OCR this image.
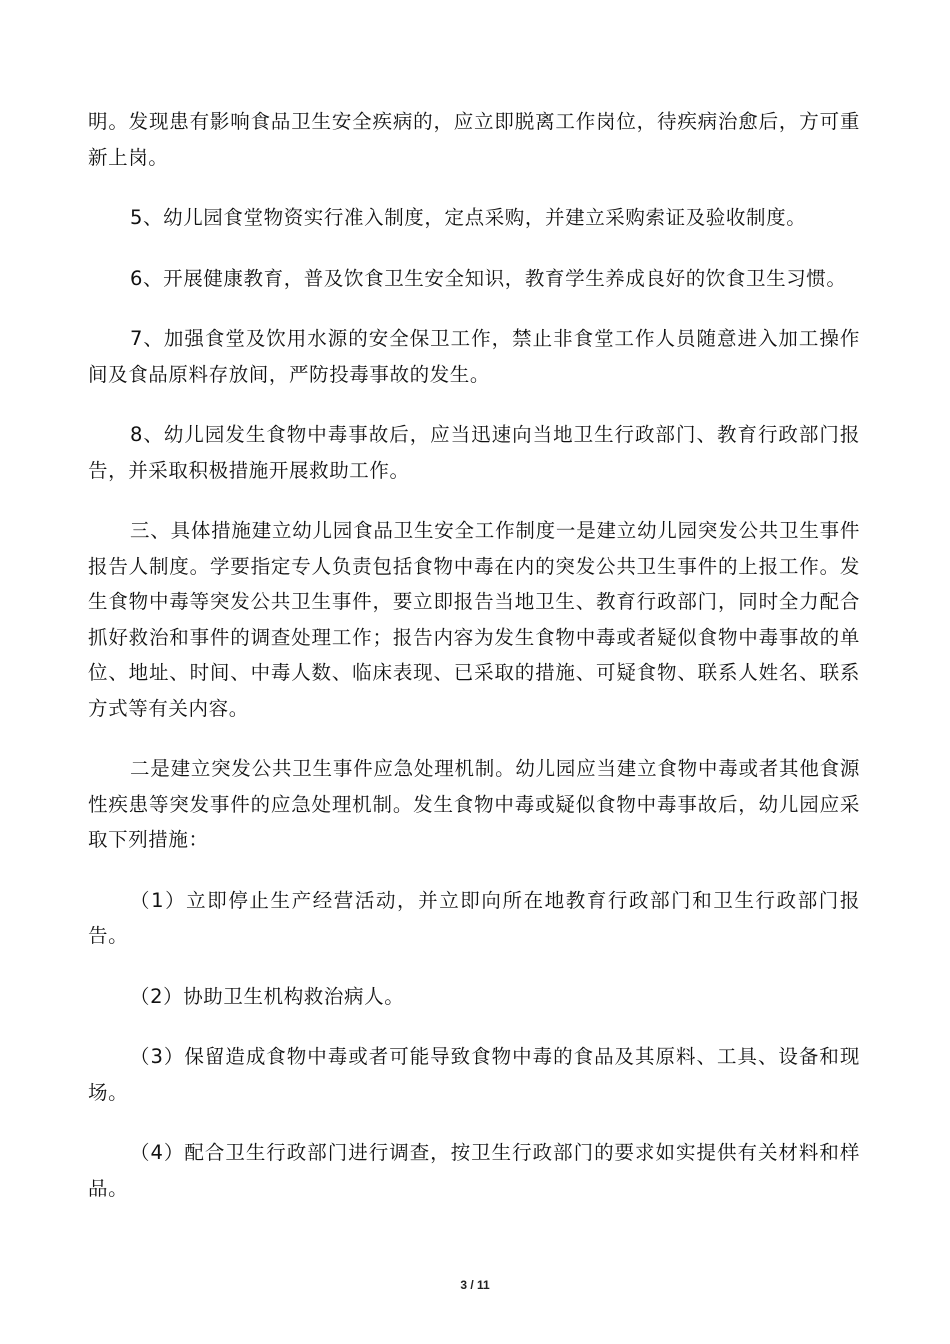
明。发现患有影响食品卫生安全疾病的，应立即脱离工作岗位，待疾病治愈后，方可重新上岗。

5、幼儿园食堂物资实行准入制度，定点采购，并建立采购索证及验收制度。

6、开展健康教育，普及饮食卫生安全知识，教育学生养成良好的饮食卫生习惯。

7、加强食堂及饮用水源的安全保卫工作，禁止非食堂工作人员随意进入加工操作间及食品原料存放间，严防投毒事故的发生。

8、幼儿园发生食物中毒事故后，应当迅速向当地卫生行政部门、教育行政部门报告，并采取积极措施开展救助工作。

三、具体措施建立幼儿园食品卫生安全工作制度一是建立幼儿园突发公共卫生事件报告人制度。学要指定专人负责包括食物中毒在内的突发公共卫生事件的上报工作。发生食物中毒等突发公共卫生事件，要立即报告当地卫生、教育行政部门，同时全力配合抓好救治和事件的调查处理工作；报告内容为发生食物中毒或者疑似食物中毒事故的单位、地址、时间、中毒人数、临床表现、已采取的措施、可疑食物、联系人姓名、联系方式等有关内容。

二是建立突发公共卫生事件应急处理机制。幼儿园应当建立食物中毒或者其他食源性疾患等突发事件的应急处理机制。发生食物中毒或疑似食物中毒事故后，幼儿园应采取下列措施：

（1）立即停止生产经营活动，并立即向所在地教育行政部门和卫生行政部门报告。

（2）协助卫生机构救治病人。

（3）保留造成食物中毒或者可能导致食物中毒的食品及其原料、工具、设备和现场。

（4）配合卫生行政部门进行调查，按卫生行政部门的要求如实提供有关材料和样品。

3 / 11
